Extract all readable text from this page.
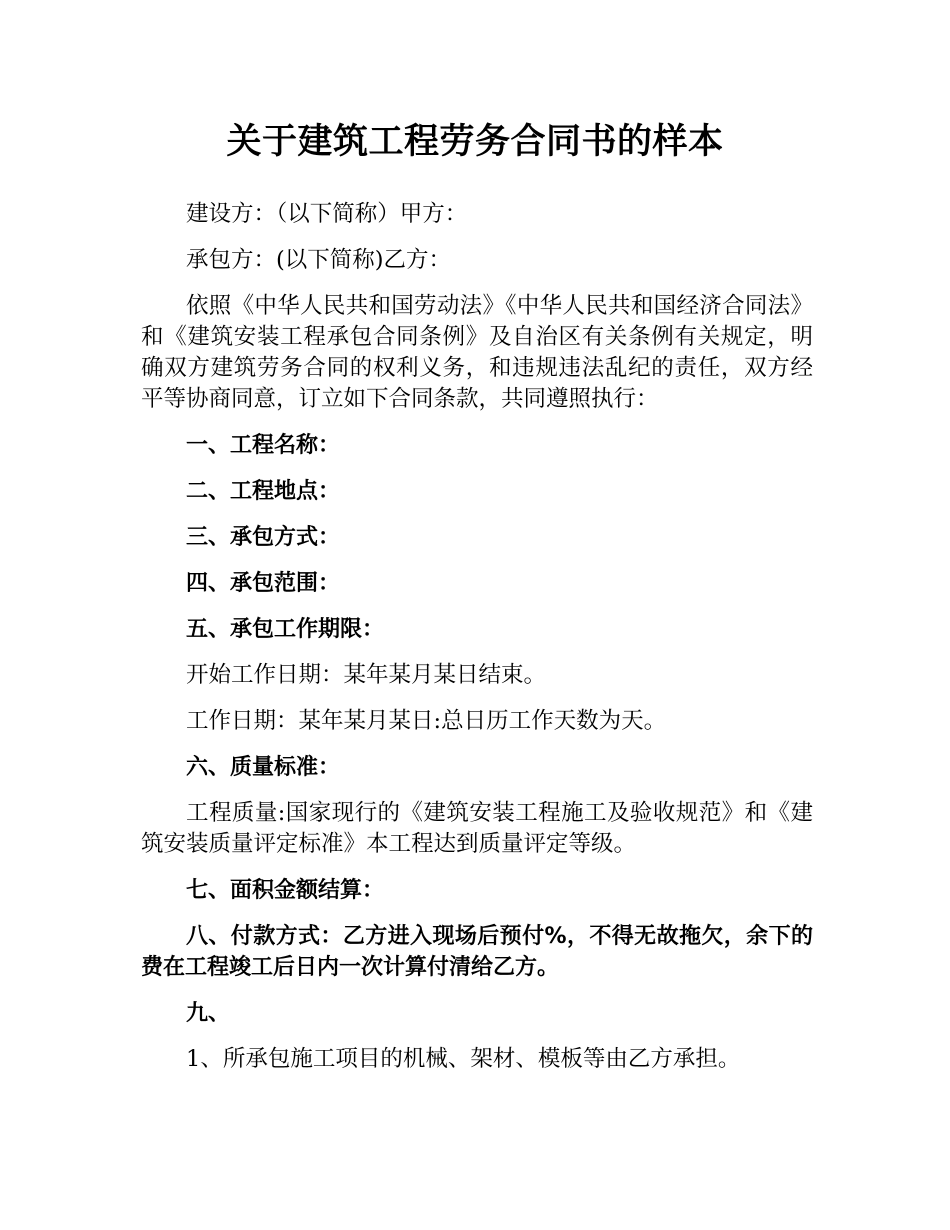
关于建筑工程劳务合同书的样本

建设方：（以下简称）甲方：

承包方：(以下简称)乙方：

依照《中华人民共和国劳动法》《中华人民共和国经济合同法》和《建筑安装工程承包合同条例》及自治区有关条例有关规定，明确双方建筑劳务合同的权利义务，和违规违法乱纪的责任，双方经平等协商同意，订立如下合同条款，共同遵照执行：

一、工程名称：

二、工程地点：

三、承包方式：

四、承包范围：

五、承包工作期限：

开始工作日期：某年某月某日结束。

工作日期：某年某月某日:总日历工作天数为天。

六、质量标准：

工程质量:国家现行的《建筑安装工程施工及验收规范》和《建筑安装质量评定标准》本工程达到质量评定等级。

七、面积金额结算：

八、付款方式：乙方进入现场后预付%，不得无故拖欠，余下的费在工程竣工后日内一次计算付清给乙方。

九、

1、所承包施工项目的机械、架材、模板等由乙方承担。
